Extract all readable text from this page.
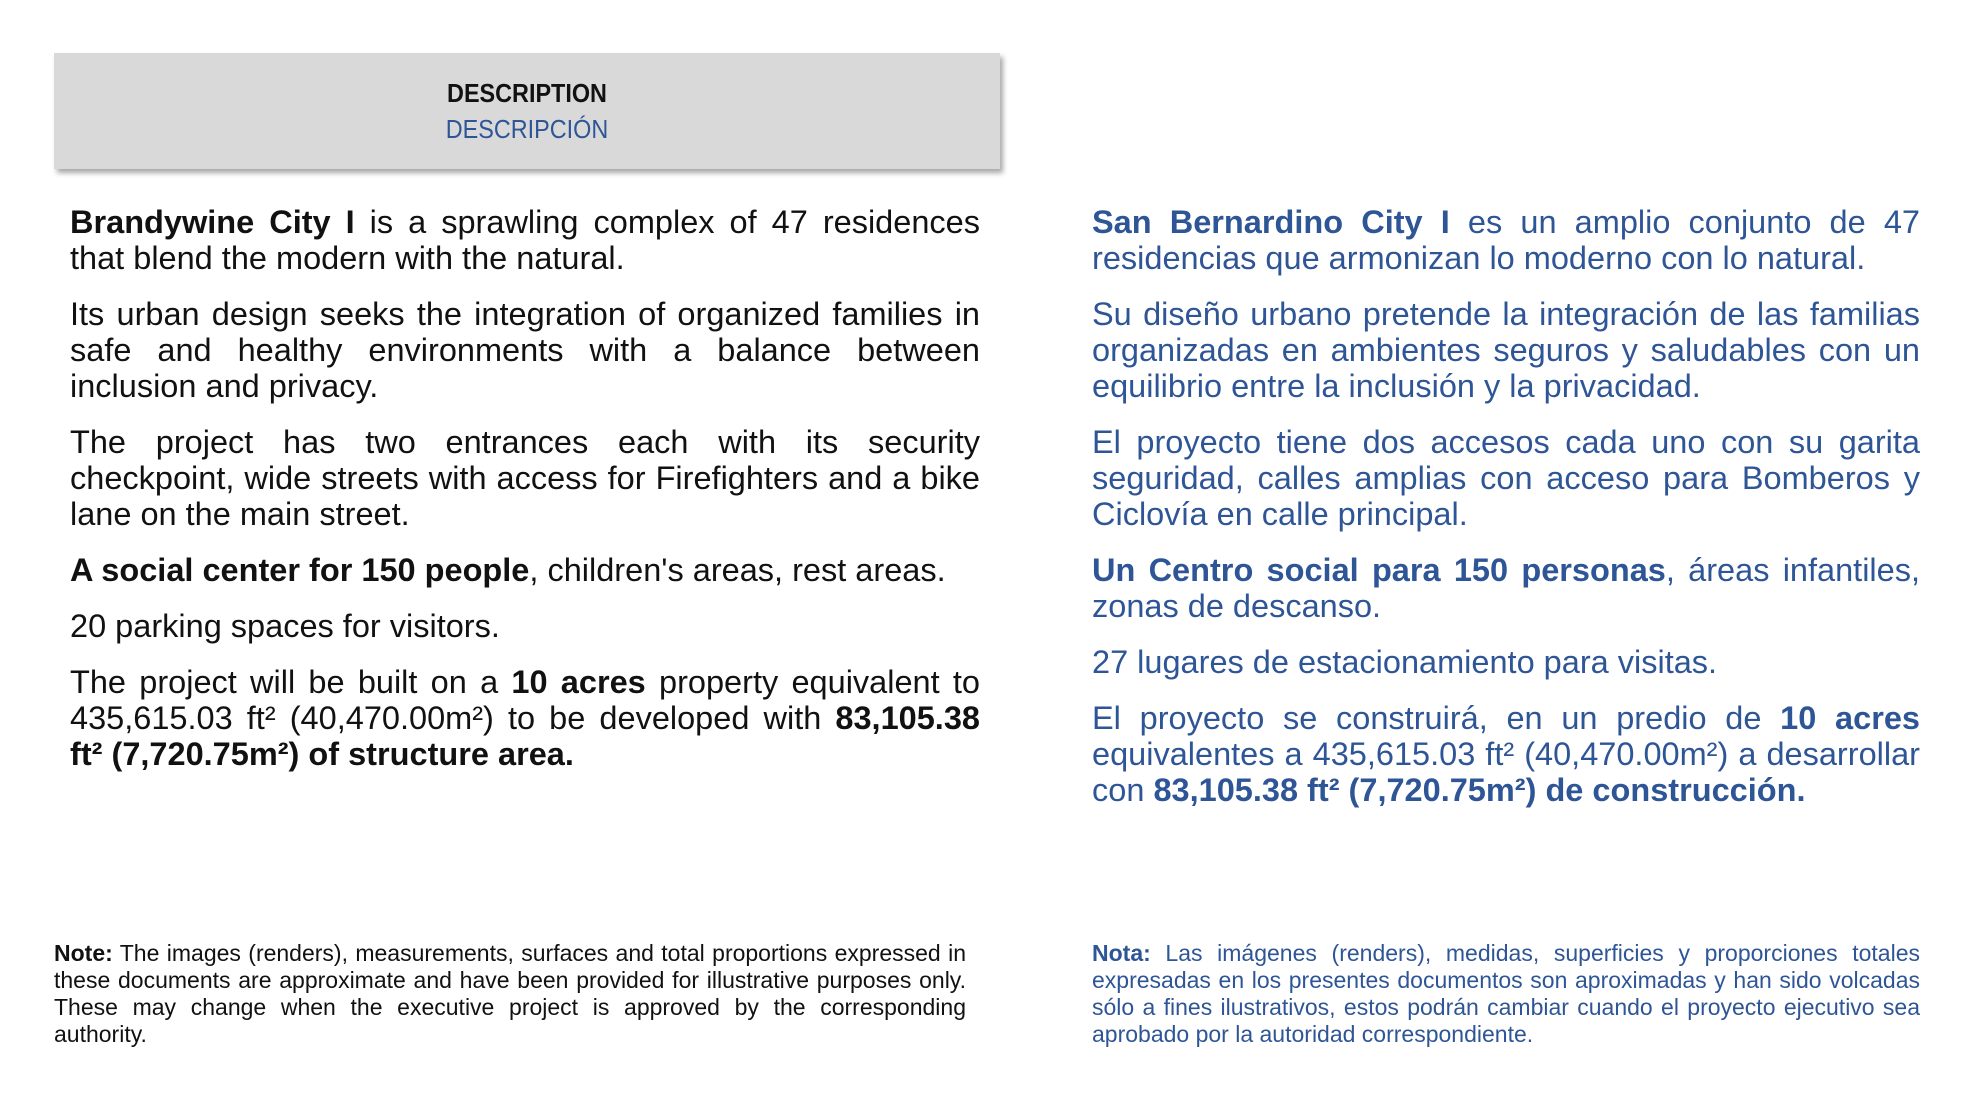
DESCRIPTION
DESCRIPCIÓN

Brandywine City I is a sprawling complex of 47 residences that blend the modern with the natural.

Its urban design seeks the integration of organized families in safe and healthy environments with a balance between inclusion and privacy.

The project has two entrances each with its security checkpoint, wide streets with access for Firefighters and a bike lane on the main street.

A social center for 150 people, children's areas, rest areas.

20 parking spaces for visitors.

The project will be built on a 10 acres property equivalent to 435,615.03 ft² (40,470.00m²) to be developed with 83,105.38 ft² (7,720.75m²) of structure area.

San Bernardino City I es un amplio conjunto de 47 residencias que armonizan lo moderno con lo natural.

Su diseño urbano pretende la integración de las familias organizadas en ambientes seguros y saludables con un equilibrio entre la inclusión y la privacidad.

El proyecto tiene dos accesos cada uno con su garita seguridad, calles amplias con acceso para Bomberos y Ciclovía en calle principal.

Un Centro social para 150 personas, áreas infantiles, zonas de descanso.

27 lugares de estacionamiento para visitas.

El proyecto se construirá, en un predio de 10 acres equivalentes a 435,615.03 ft² (40,470.00m²) a desarrollar con 83,105.38 ft² (7,720.75m²) de construcción.

Note: The images (renders), measurements, surfaces and total proportions expressed in these documents are approximate and have been provided for illustrative purposes only. These may change when the executive project is approved by the corresponding authority.
Nota: Las imágenes (renders), medidas, superficies y proporciones totales expresadas en los presentes documentos son aproximadas y han sido volcadas sólo a fines ilustrativos, estos podrán cambiar cuando el proyecto ejecutivo sea aprobado por la autoridad correspondiente.
